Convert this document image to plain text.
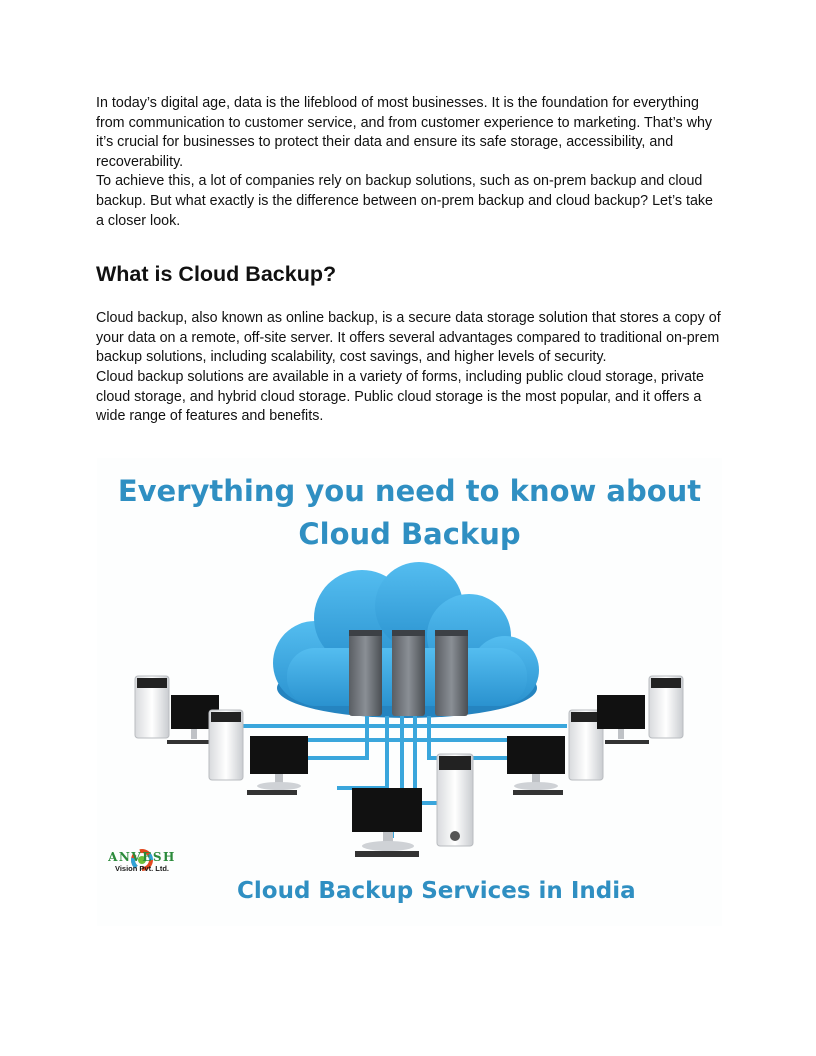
In today’s digital age, data is the lifeblood of most businesses. It is the foundation for everything from communication to customer service, and from customer experience to marketing. That’s why it’s crucial for businesses to protect their data and ensure its safe storage, accessibility, and recoverability.

To achieve this, a lot of companies rely on backup solutions, such as on-prem backup and cloud backup. But what exactly is the difference between on-prem backup and cloud backup? Let’s take a closer look.

What is Cloud Backup?

Cloud backup, also known as online backup, is a secure data storage solution that stores a copy of your data on a remote, off-site server. It offers several advantages compared to traditional on-prem backup solutions, including scalability, cost savings, and higher levels of security.

Cloud backup solutions are available in a variety of forms, including public cloud storage, private cloud storage, and hybrid cloud storage. Public cloud storage is the most popular, and it offers a wide range of features and benefits.

Everything you need to know about
Cloud Backup
ANVESH
Vision Pvt. Ltd.
Cloud Backup Services in India
